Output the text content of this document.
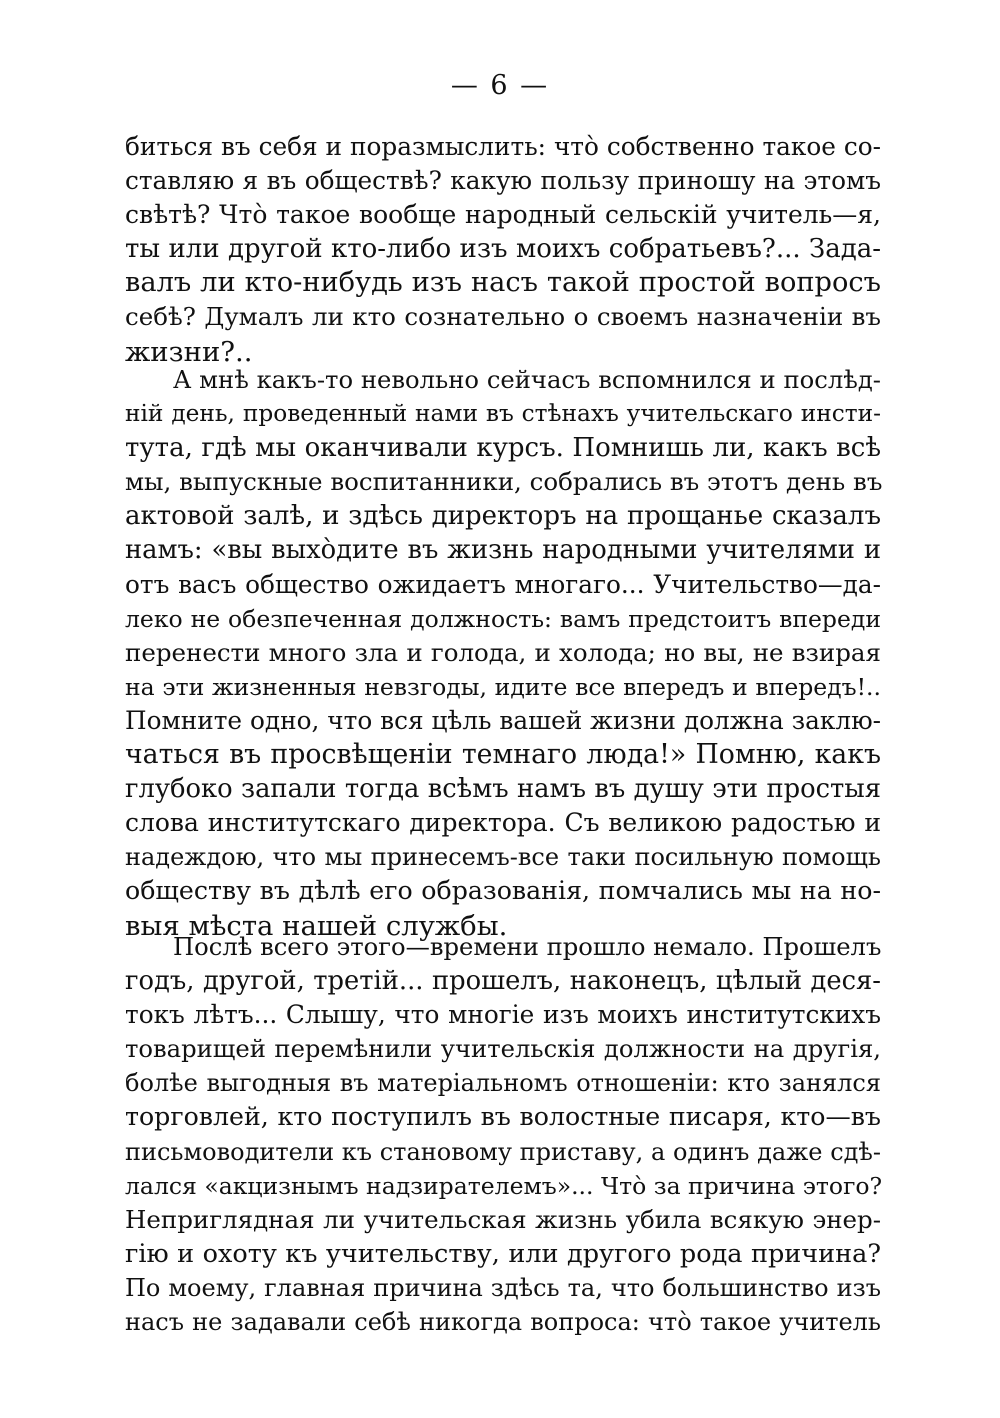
— 6 —
биться въ себя и поразмыслить: что̀ собственно такое со-
ставляю я въ обществѣ? какую пользу приношу на этомъ
свѣтѣ? Что̀ такое вообще народный сельскій учитель—я,
ты или другой кто-либо изъ моихъ собратьевъ?... Зада-
валъ ли кто-нибудь изъ насъ такой простой вопросъ
себѣ? Думалъ ли кто сознательно о своемъ назначеніи въ
жизни?..
А мнѣ какъ-то невольно сейчасъ вспомнился и послѣд-
ній день, проведенный нами въ стѣнахъ учительскаго инсти-
тута, гдѣ мы оканчивали курсъ. Помнишь ли, какъ всѣ
мы, выпускные воспитанники, собрались въ этотъ день въ
актовой залѣ, и здѣсь директоръ на прощанье сказалъ
намъ: «вы выхо̀дите въ жизнь народными учителями и
отъ васъ общество ожидаетъ многаго... Учительство—да-
леко не обезпеченная должность: вамъ предстоитъ впереди
перенести много зла и голода, и холода; но вы, не взирая
на эти жизненныя невзгоды, идите все впередъ и впередъ!..
Помните одно, что вся цѣль вашей жизни должна заклю-
чаться въ просвѣщеніи темнаго люда!» Помню, какъ
глубоко запали тогда всѣмъ намъ въ душу эти простыя
слова институтскаго директора. Съ великою радостью и
надеждою, что мы принесемъ-все таки посильную помощь
обществу въ дѣлѣ его образованія, помчались мы на но-
выя мѣста нашей службы.
Послѣ всего этого—времени прошло немало. Прошелъ
годъ, другой, третій... прошелъ, наконецъ, цѣлый деся-
токъ лѣтъ... Слышу, что многіе изъ моихъ институтскихъ
товарищей перемѣнили учительскія должности на другія,
болѣе выгодныя въ матеріальномъ отношеніи: кто занялся
торговлей, кто поступилъ въ волостные писаря, кто—въ
письмоводители къ становому приставу, а одинъ даже сдѣ-
лался «акцизнымъ надзирателемъ»... Что̀ за причина этого?
Неприглядная ли учительская жизнь убила всякую энер-
гію и охоту къ учительству, или другого рода причина?
По моему, главная причина здѣсь та, что большинство изъ
насъ не задавали себѣ никогда вопроса: что̀ такое учитель
